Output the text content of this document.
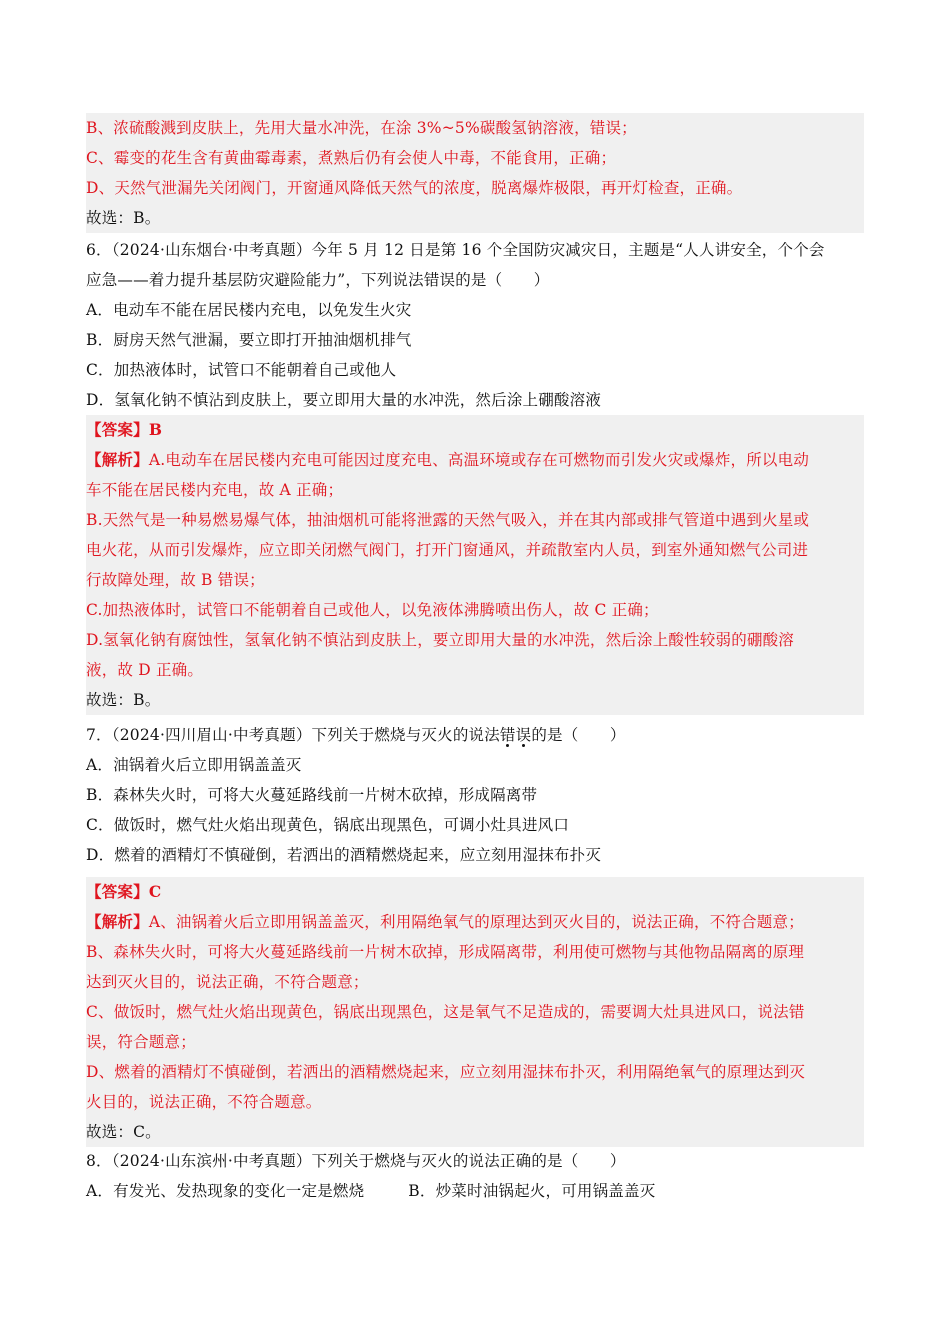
B、浓硫酸溅到皮肤上，先用大量水冲洗，在涂 3%~5%碳酸氢钠溶液，错误；
C、霉变的花生含有黄曲霉毒素，煮熟后仍有会使人中毒，不能食用，正确；
D、天然气泄漏先关闭阀门，开窗通风降低天然气的浓度，脱离爆炸极限，再开灯检查，正确。
故选：B。
6．（2024·山东烟台·中考真题）今年 5 月 12 日是第 16 个全国防灾减灾日，主题是“人人讲安全，个个会
应急——着力提升基层防灾避险能力”，下列说法错误的是（　　）
A．电动车不能在居民楼内充电，以免发生火灾
B．厨房天然气泄漏，要立即打开抽油烟机排气
C．加热液体时，试管口不能朝着自己或他人
D．氢氧化钠不慎沾到皮肤上，要立即用大量的水冲洗，然后涂上硼酸溶液
【答案】B
【解析】A.电动车在居民楼内充电可能因过度充电、高温环境或存在可燃物而引发火灾或爆炸，所以电动
车不能在居民楼内充电，故 A 正确；
B.天然气是一种易燃易爆气体，抽油烟机可能将泄露的天然气吸入，并在其内部或排气管道中遇到火星或
电火花，从而引发爆炸，应立即关闭燃气阀门，打开门窗通风，并疏散室内人员，到室外通知燃气公司进
行故障处理，故 B 错误；
C.加热液体时，试管口不能朝着自己或他人，以免液体沸腾喷出伤人，故 C 正确；
D.氢氧化钠有腐蚀性，氢氧化钠不慎沾到皮肤上，要立即用大量的水冲洗，然后涂上酸性较弱的硼酸溶
液，故 D 正确。
故选：B。
7．（2024·四川眉山·中考真题）下列关于燃烧与灭火的说法错误的是（　　）
A．油锅着火后立即用锅盖盖灭
B．森林失火时，可将大火蔓延路线前一片树木砍掉，形成隔离带
C．做饭时，燃气灶火焰出现黄色，锅底出现黑色，可调小灶具进风口
D．燃着的酒精灯不慎碰倒，若洒出的酒精燃烧起来，应立刻用湿抹布扑灭
【答案】C
【解析】A、油锅着火后立即用锅盖盖灭，利用隔绝氧气的原理达到灭火目的，说法正确，不符合题意；
B、森林失火时，可将大火蔓延路线前一片树木砍掉，形成隔离带，利用使可燃物与其他物品隔离的原理
达到灭火目的，说法正确，不符合题意；
C、做饭时，燃气灶火焰出现黄色，锅底出现黑色，这是氧气不足造成的，需要调大灶具进风口，说法错
误，符合题意；
D、燃着的酒精灯不慎碰倒，若洒出的酒精燃烧起来，应立刻用湿抹布扑灭，利用隔绝氧气的原理达到灭
火目的，说法正确，不符合题意。
故选：C。
8．（2024·山东滨州·中考真题）下列关于燃烧与灭火的说法正确的是（　　）
A．有发光、发热现象的变化一定是燃烧	B．炒菜时油锅起火，可用锅盖盖灭
